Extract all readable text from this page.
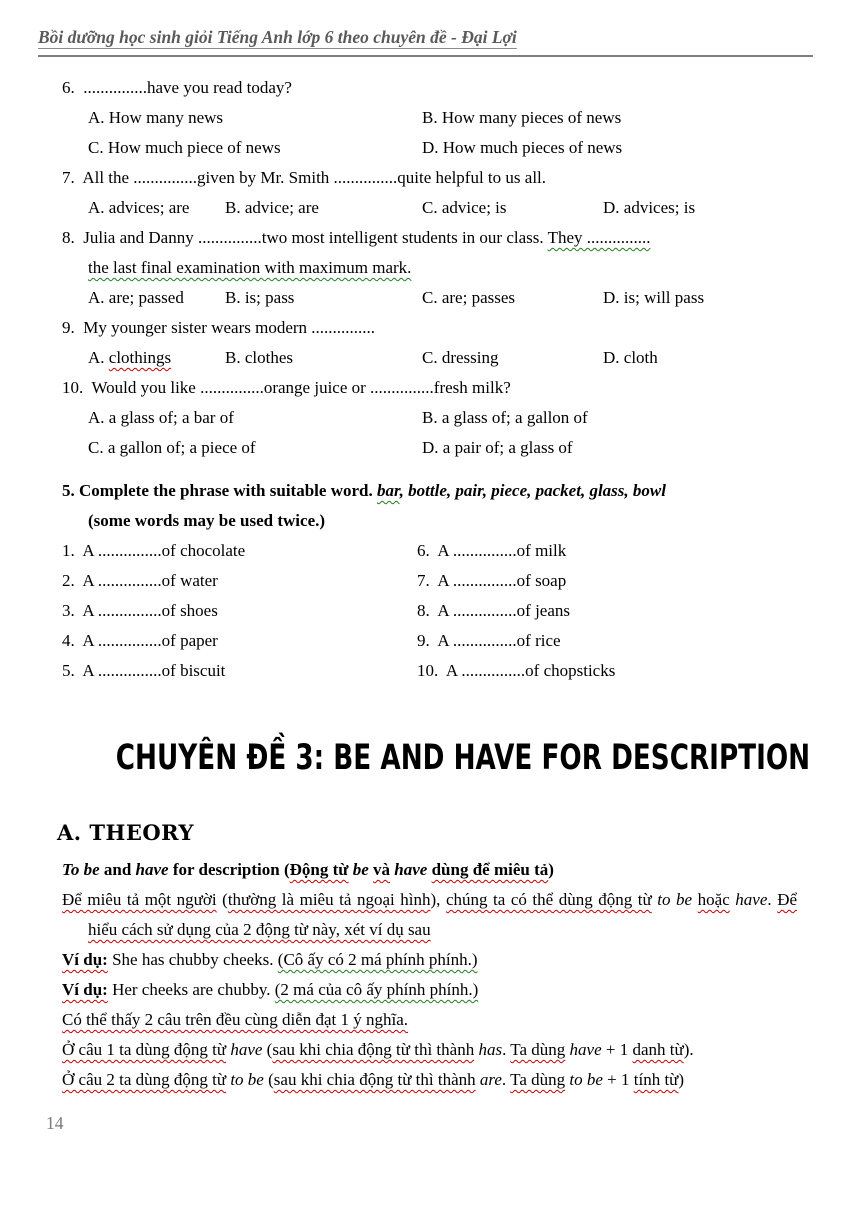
Bồi dưỡng học sinh giỏi Tiếng Anh lớp 6 theo chuyên đề - Đại Lợi
6.  ...............have you read today?
A. How many news	B. How many pieces of news
C. How much piece of news	D. How much pieces of news
7.  All the ...............given by Mr. Smith ...............quite helpful to us all.
A. advices; are	B. advice; are	C. advice; is	D. advices; is
8.  Julia and Danny ...............two most intelligent students in our class. They ...............
the last final examination with maximum mark.
A. are; passed	B. is; pass	C. are; passes	D. is; will pass
9.  My younger sister wears modern ...............
A. clothings	B. clothes	C. dressing	D. cloth
10.  Would you like ...............orange juice or ...............fresh milk?
A. a glass of; a bar of	B. a glass of; a gallon of
C. a gallon of; a piece of	D. a pair of; a glass of
5. Complete the phrase with suitable word. bar, bottle, pair, piece, packet, glass, bowl
(some words may be used twice.)
1.  A ...............of chocolate	6.  A ...............of milk
2.  A ...............of water	7.  A ...............of soap
3.  A ...............of shoes	8.  A ...............of jeans
4.  A ...............of paper	9.  A ...............of rice
5.  A ...............of biscuit	10.  A ...............of chopsticks
CHUYÊN ĐỀ 3: BE AND HAVE FOR DESCRIPTION
A. THEORY
To be and have for description (Động từ be và have dùng để miêu tả)
Để miêu tả một người (thường là miêu tả ngoại hình), chúng ta có thể dùng động từ to be hoặc have. Để hiểu cách sử dụng của 2 động từ này, xét ví dụ sau
Ví dụ: She has chubby cheeks. (Cô ấy có 2 má phính phính.)
Ví dụ: Her cheeks are chubby. (2 má của cô ấy phính phính.)
Có thể thấy 2 câu trên đều cùng diễn đạt 1 ý nghĩa.
Ở câu 1 ta dùng động từ have (sau khi chia động từ thì thành has. Ta dùng have + 1 danh từ).
Ở câu 2 ta dùng động từ to be (sau khi chia động từ thì thành are. Ta dùng to be + 1 tính từ)
14
